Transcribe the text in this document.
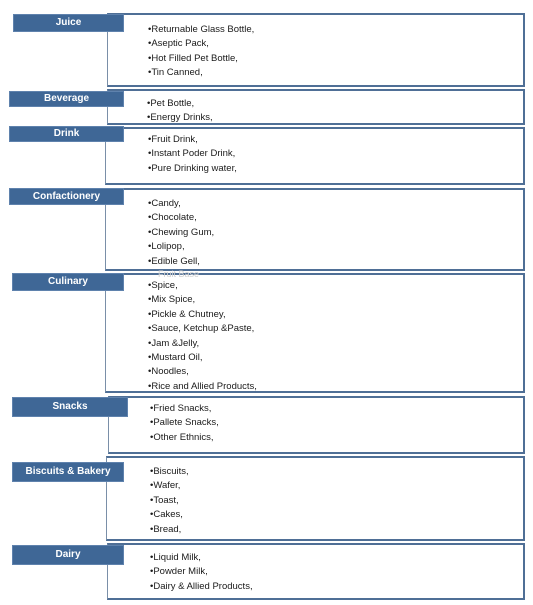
Juice
• Returnable Glass Bottle,
• Aseptic Pack,
• Hot Filled Pet Bottle,
• Tin Canned,
Beverage	• Pet Bottle,
• Energy Drinks,
Drink
• Fruit Drink,
• Instant Poder Drink,
• Pure Drinking water,
Confactionery
• Candy,
• Chocolate,
• Chewing Gum,
• Lolipop,
• Edible Gell,
Fruit Base
Culinary	• Spice,
• Mix Spice,
• Pickle & Chutney,
• Sauce, Ketchup &Paste,
• Jam &Jelly,
• Mustard Oil,
• Noodles,
• Rice and Allied Products,
Snacks	• Fried Snacks,
• Pallete Snacks,
• Other Ethnics,
Biscuits & Bakery	• Biscuits,
• Wafer,
• Toast,
• Cakes,
• Bread,
Dairy	• Liquid Milk,
• Powder Milk,
• Dairy & Allied Products,
